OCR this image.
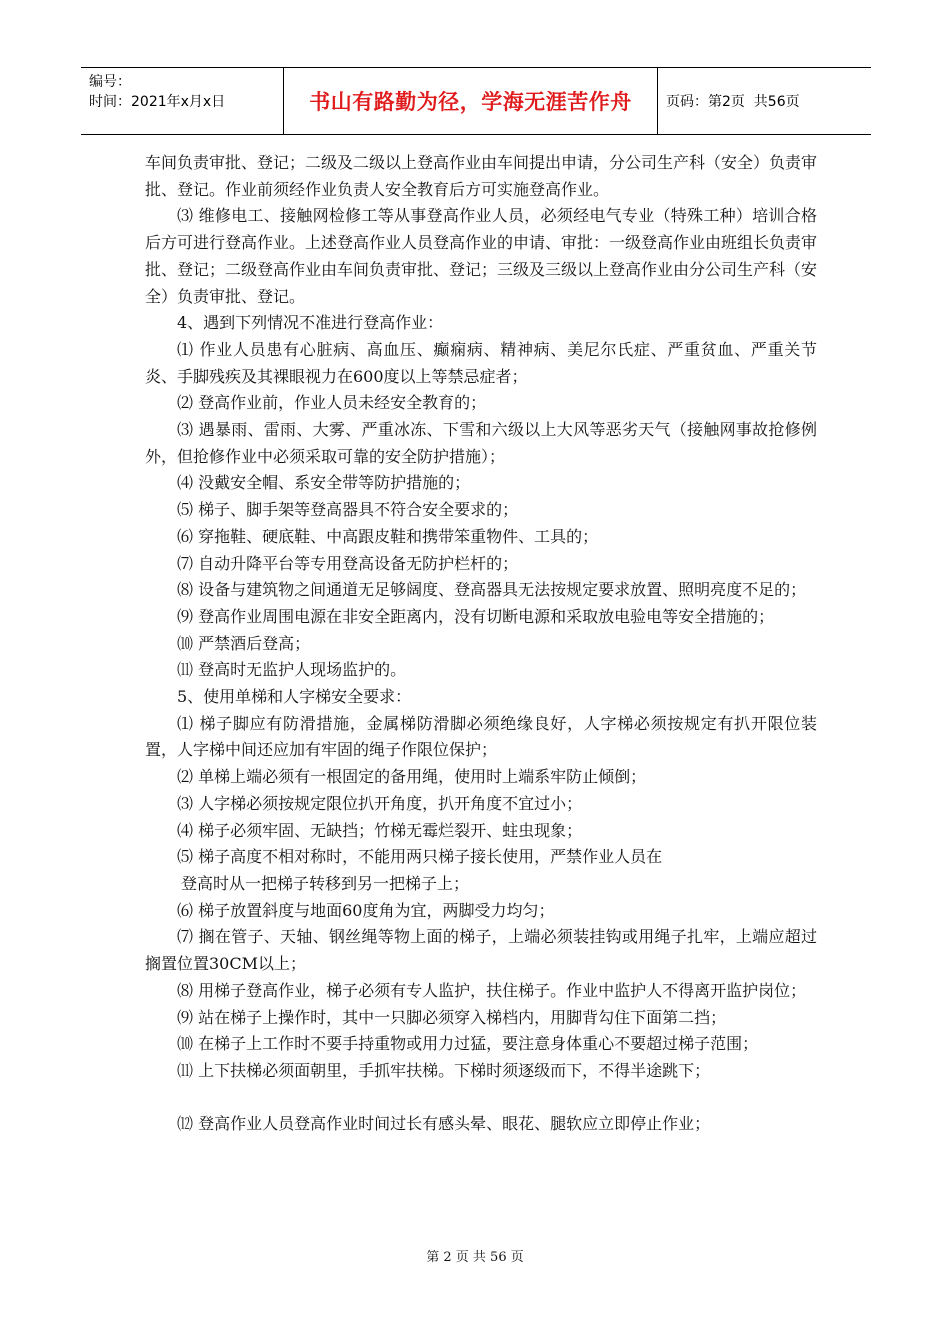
编号：
时间：2021年x月x日	书山有路勤为径，学海无涯苦作舟	页码：第2页  共56页

车间负责审批、登记；二级及二级以上登高作业由车间提出申请，分公司生产科（安全）负责审批、登记。作业前须经作业负责人安全教育后方可实施登高作业。

⑶ 维修电工、接触网检修工等从事登高作业人员，必须经电气专业（特殊工种）培训合格后方可进行登高作业。上述登高作业人员登高作业的申请、审批：一级登高作业由班组长负责审批、登记；二级登高作业由车间负责审批、登记；三级及三级以上登高作业由分公司生产科（安全）负责审批、登记。

4、遇到下列情况不准进行登高作业：

⑴ 作业人员患有心脏病、高血压、癫痫病、精神病、美尼尔氏症、严重贫血、严重关节炎、手脚残疾及其裸眼视力在600度以上等禁忌症者；

⑵ 登高作业前，作业人员未经安全教育的；

⑶ 遇暴雨、雷雨、大雾、严重冰冻、下雪和六级以上大风等恶劣天气（接触网事故抢修例外，但抢修作业中必须采取可靠的安全防护措施）；

⑷ 没戴安全帽、系安全带等防护措施的；

⑸ 梯子、脚手架等登高器具不符合安全要求的；

⑹ 穿拖鞋、硬底鞋、中高跟皮鞋和携带笨重物件、工具的；

⑺ 自动升降平台等专用登高设备无防护栏杆的；

⑻ 设备与建筑物之间通道无足够阔度、登高器具无法按规定要求放置、照明亮度不足的；

⑼ 登高作业周围电源在非安全距离内，没有切断电源和采取放电验电等安全措施的；

⑽ 严禁酒后登高；

⑾ 登高时无监护人现场监护的。

5、使用单梯和人字梯安全要求：

⑴ 梯子脚应有防滑措施，金属梯防滑脚必须绝缘良好，人字梯必须按规定有扒开限位装置，人字梯中间还应加有牢固的绳子作限位保护；

⑵ 单梯上端必须有一根固定的备用绳，使用时上端系牢防止倾倒；

⑶ 人字梯必须按规定限位扒开角度，扒开角度不宜过小；

⑷ 梯子必须牢固、无缺挡；竹梯无霉烂裂开、蛀虫现象；

⑸ 梯子高度不相对称时，不能用两只梯子接长使用，严禁作业人员在

登高时从一把梯子转移到另一把梯子上；

⑹ 梯子放置斜度与地面60度角为宜，两脚受力均匀；

⑺ 搁在管子、天轴、钢丝绳等物上面的梯子，上端必须装挂钩或用绳子扎牢，上端应超过搁置位置30CM以上；

⑻ 用梯子登高作业，梯子必须有专人监护，扶住梯子。作业中监护人不得离开监护岗位；

⑼ 站在梯子上操作时，其中一只脚必须穿入梯档内，用脚背勾住下面第二挡；

⑽ 在梯子上工作时不要手持重物或用力过猛，要注意身体重心不要超过梯子范围；

⑾ 上下扶梯必须面朝里，手抓牢扶梯。下梯时须逐级而下，不得半途跳下；

⑿ 登高作业人员登高作业时间过长有感头晕、眼花、腿软应立即停止作业；

第 2 页 共 56 页
